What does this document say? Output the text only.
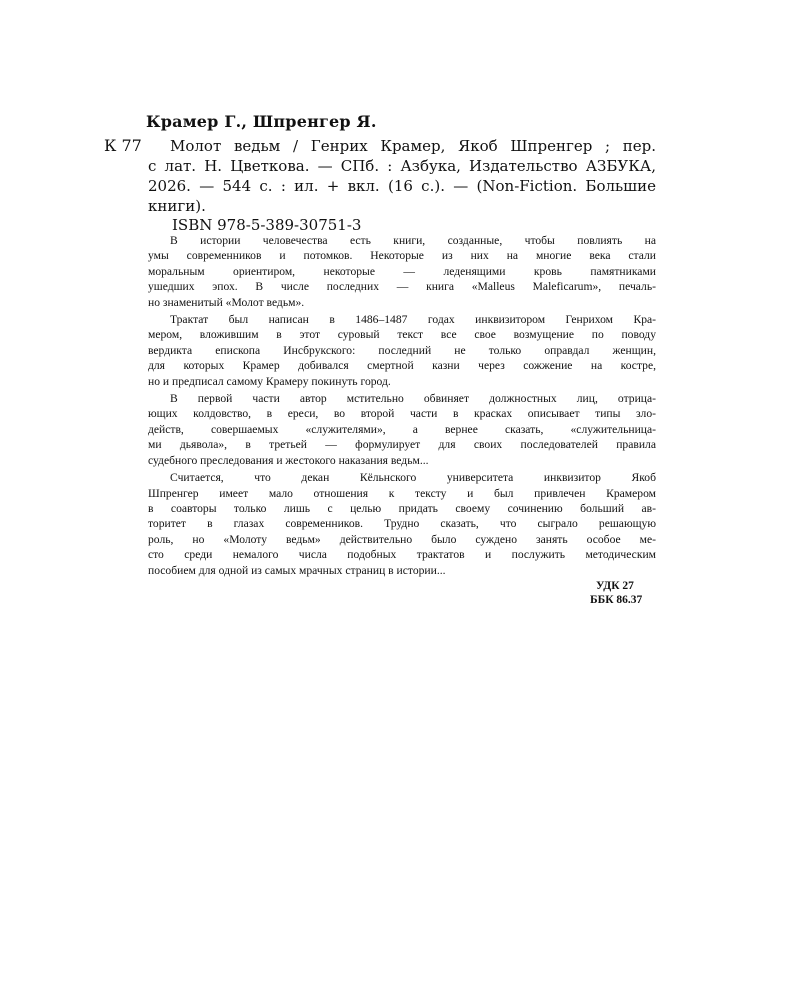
Крамер Г., Шпренгер Я.
К 77	Молот ведьм / Генрих Крамер, Якоб Шпренгер ; пер.
с лат. Н. Цветкова. — СПб. : Азбука, Издательство АЗБУКА,
2026. — 544 с. : ил. + вкл. (16 с.). — (Non-Fiction. Большие
книги).
ISBN 978-5-389-30751-3
В истории человечества есть книги, созданные, чтобы повлиять на
умы современников и потомков. Некоторые из них на многие века стали
моральным ориентиром, некоторые — леденящими кровь памятниками
ушедших эпох. В числе последних — книга «Malleus Maleficarum», печаль-
но знаменитый «Молот ведьм».
Трактат был написан в 1486–1487 годах инквизитором Генрихом Кра-
мером, вложившим в этот суровый текст все свое возмущение по поводу
вердикта епископа Инсбрукского: последний не только оправдал женщин,
для которых Крамер добивался смертной казни через сожжение на костре,
но и предписал самому Крамеру покинуть город.
В первой части автор мстительно обвиняет должностных лиц, отрица-
ющих колдовство, в ереси, во второй части в красках описывает типы зло-
действ, совершаемых «служителями», а вернее сказать, «служительница-
ми дьявола», в третьей — формулирует для своих последователей правила
судебного преследования и жестокого наказания ведьм...
Считается, что декан Кёльнского университета инквизитор Якоб
Шпренгер имеет мало отношения к тексту и был привлечен Крамером
в соавторы только лишь с целью придать своему сочинению больший ав-
торитет в глазах современников. Трудно сказать, что сыграло решающую
роль, но «Молоту ведьм» действительно было суждено занять особое ме-
сто среди немалого числа подобных трактатов и послужить методическим
пособием для одной из самых мрачных страниц в истории...
УДК 27
ББК 86.37
